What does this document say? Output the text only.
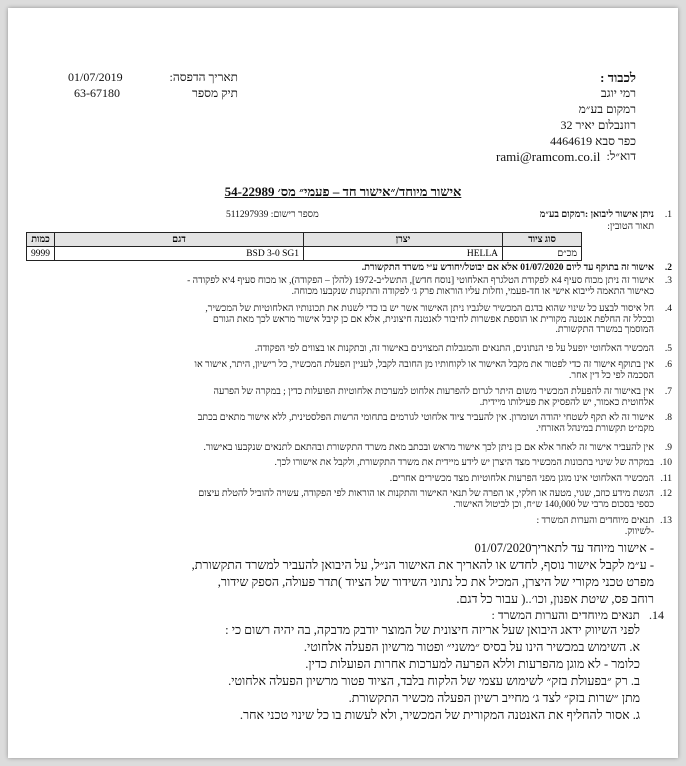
לכבוד :
רמי יוגב
רמקום בע״מ
רוזנבלום יאיר 32
כפר סבא 4464619
דוא״ל:
rami@ramcom.co.il
תאריך הדפסה:
01/07/2019
תיק מספר
63-67180
אישור מיוחד/״אישור חד – פעמי״ מס׳ 54-22989
1.
ניתן אישור ליבואן :רמקום בע״מ
מספר רישום: 511297939
תאור הטובין:
סוג ציוד	יצרן	דגם	כמות
מכ״ם	HELLA	BSD 3-0 SG1	9999
2.
אישור זה בתוקף עד ליום 01/07/2020 אלא אם יבוטל/יחודש ע״י משרד התקשורת.
3.
אישור זה ניתן מכוח סעיף 4א לפקודת הטלגרף האלחוטי [נוסח חדש], התשל״ב-1972 (להלן – הפקודה), או מכוח סעיף 4יא לפקודה -
כאישור התאמה לייבוא אישי או חד-פעמי, וחלות עליו הוראות פרק ג׳ לפקודה והתקנות שנקבעו מכוחה.
4.
חל איסור לבצע כל שינוי שהוא בדגם המכשיר שלגביו ניתן האישור אשר יש בו כדי לשנות את תכונותיו האלחוטיות של המכשיר,
ובכלל זה החלפת אנטנה מקורית או הוספת אפשרות לחיבור לאנטנה חיצונית, אלא אם כן קיבל אישור מראש לכך מאת הגורם
המוסמך במשרד התקשורת.
5.
המכשיר האלחוטי יופעל על פי הנתונים, התנאים והמגבלות המצוינים באישור זה, ובתקנות או בצווים לפי הפקודה.
6.
אין בתוקף אישור זה כדי לפטור את מקבל האישור או לקוחותיו מן החובה לקבל, לעניין הפעלת המכשיר, כל רישיון, היתר, אישור או
הסכמה לפי כל דין אחר.
7.
אין באישור זה להפעלת המכשיר משום היתר לגרום להפרעות אלחוט למערכות אלחוטיות הפועלות כדין ; במקרה של הפרעה
אלחוטית כאמור, יש להפסיק את פעילותו מיידית.
8.
אישור זה לא תקף לשטחי יהודה ושומרון. אין להעביר ציוד אלחוטי לגורמים בתחומי הרשות הפלסטינית, ללא אישור מתאים בכתב
מקמ״ט תקשורת במינהל האזרחי.
9.
אין להעביר אישור זה לאחר אלא אם כן ניתן לכך אישור מראש ובכתב מאת משרד התקשורת ובהתאם לתנאים שנקבעו באישור.
10.
במקרה של שינוי בתכונות המכשיר מצד היצרן יש לידע מיידית את משרד התקשורת, ולקבל את אישורו לכך.
11.
המכשיר האלחוטי אינו מוגן מפני הפרעות אלחוטיות מצד מכשירים אחרים.
12.
הגשת מידע כוזב, שגוי, מטעה או חלקי, או הפרה של תנאי האישור והתקנות או הוראות לפי הפקודה, עשויה להוביל להטלת עיצום
כספי בסכום מרבי של 140,000 ש״ח, וכן לביטול האישור.
13.
תנאים מיוחדים והערות המשרד :
-לשיווק.
- אישור מיוחד עד לתאריך01/07/2020
- ע״מ לקבל אישור נוסף, לחדש או להאריך את האישור הנ״ל, על היבואן להעביר למשרד התקשורת,
מפרט טכני מקורי של היצרן, המכיל את כל נתוני השידור של הציוד )תדר פעולה, הספק שידור,
רוחב פס, שיטת אפנון, וכו׳..( עבור כל דגם.
14.
תנאים מיוחדים והערות המשרד :
לפני השיווק ידאג היבואן שעל אריזה חיצונית של המוצר יודבק מדבקה, בה יהיה רשום כי :
א. השימוש במכשיר הינו על בסיס ״משני״ ופטור מרשיון הפעלה אלחוטי.
כלומר - לא מוגן מהפרעות וללא הפרעה למערכות אחרות הפועלות כדין.
ב. רק ״בפעולת בזק״ לשימוש עצמי של הלקוח בלבד, הציוד פטור מרשיון הפעלה אלחוטי.
מתן ״שרות בזק״ לצד ג׳ מחייב רשיון הפעלה מכשיר התקשורת.
ג. אסור להחליף את האנטנה המקורית של המכשיר, ולא לעשות בו כל שינוי טכני אחר.
